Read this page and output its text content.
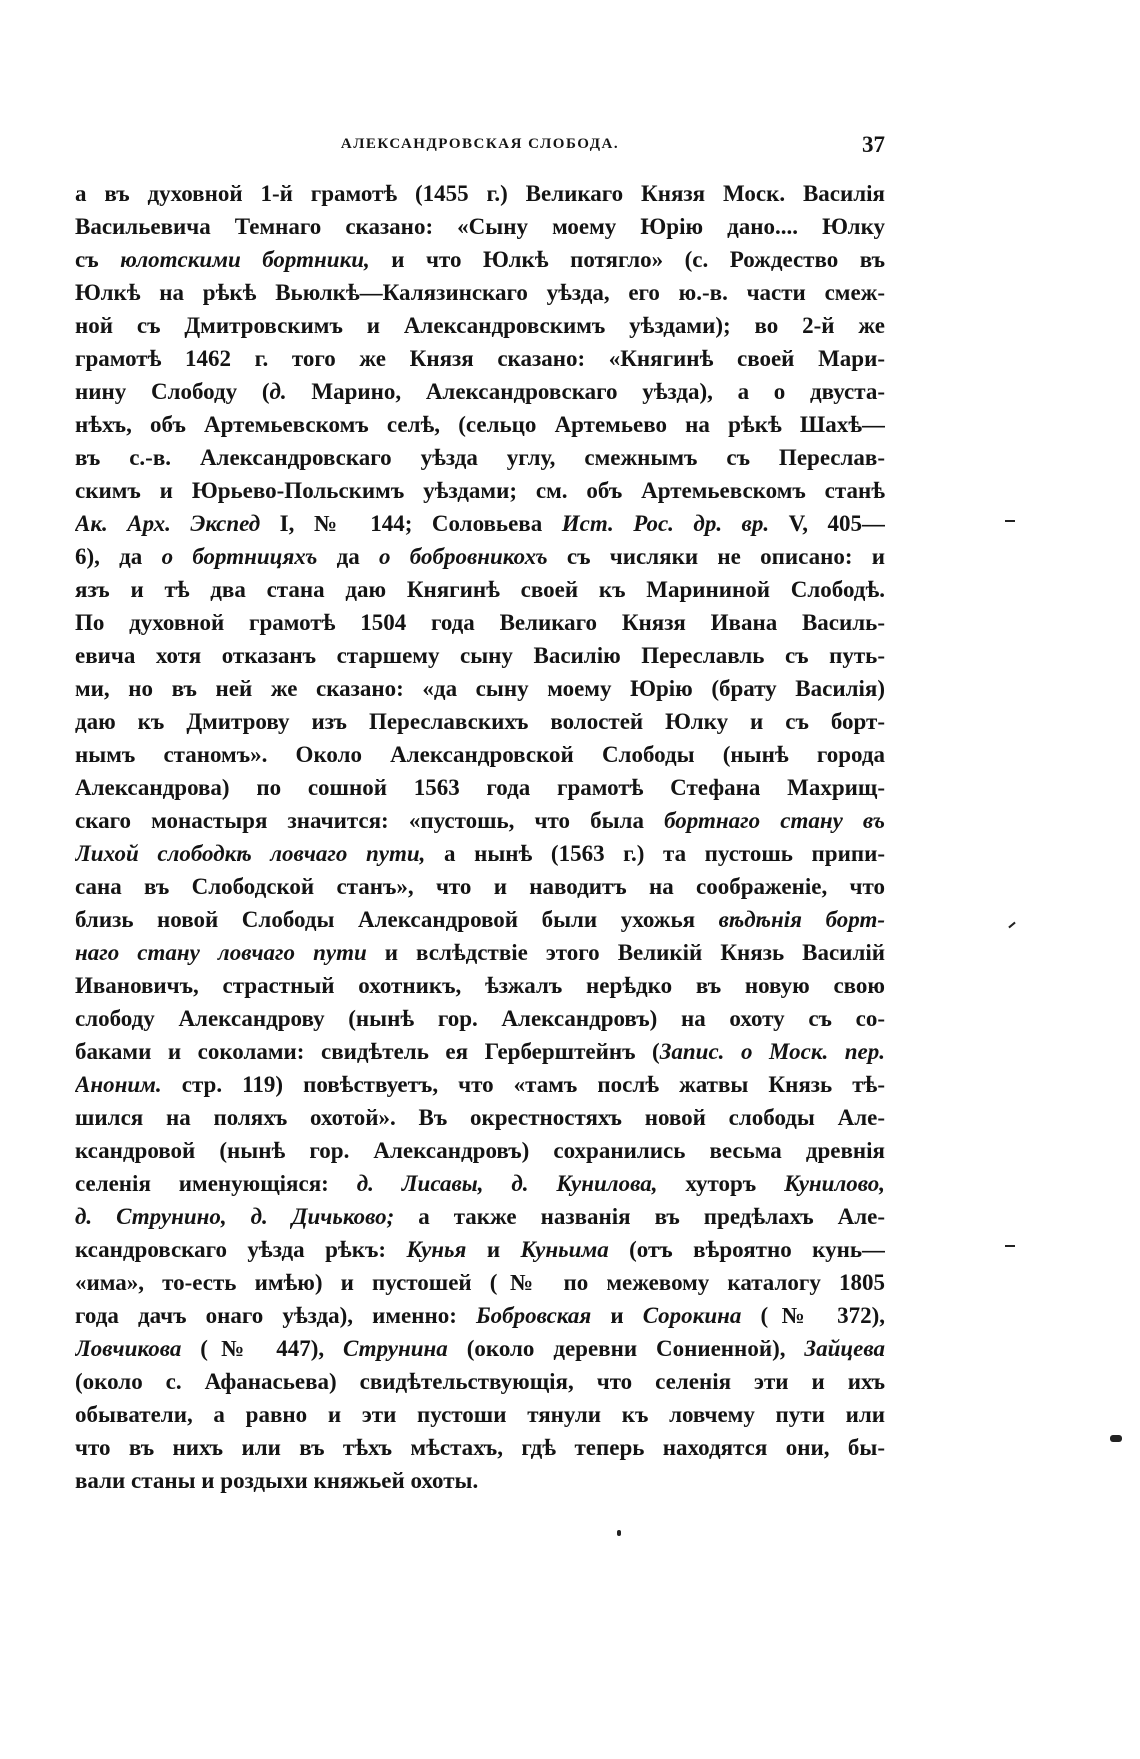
АЛЕКСАНДРОВСКАЯ СЛОБОДА.	37
а въ духовной 1-й грамотѣ (1455 г.) Великаго Князя Моск. Василія
Васильевича Темнаго сказано: «Сыну моему Юрію дано.... Юлку
съ юлотскими бортники, и что Юлкѣ потягло» (с. Рождество въ
Юлкѣ на рѣкѣ Вьюлкѣ—Калязинскаго уѣзда, его ю.-в. части смеж-
ной съ Дмитровскимъ и Александровскимъ уѣздами); во 2-й же
грамотѣ 1462 г. того же Князя сказано: «Княгинѣ своей Мари-
нину Слободу (д. Марино, Александровскаго уѣзда), а о двуста-
нѣхъ, объ Артемьевскомъ селѣ, (сельцо Артемьево на рѣкѣ Шахѣ—
въ с.-в. Александровскаго уѣзда углу, смежнымъ съ Переслав-
скимъ и Юрьево-Польскимъ уѣздами; см. объ Артемьевскомъ станѣ
Ак. Арх. Экспед I, № 144; Соловьева Ист. Рос. др. вр. V, 405—
6), да о бортницяхъ да о бобровникохъ съ числяки не описано: и
язъ и тѣ два стана даю Княгинѣ своей къ Марининой Слободѣ.
По духовной грамотѣ 1504 года Великаго Князя Ивана Василь-
евича хотя отказанъ старшему сыну Василію Переславль съ путь-
ми, но въ ней же сказано: «да сыну моему Юрію (брату Василія)
даю къ Дмитрову изъ Переславскихъ волостей Юлку и съ борт-
нымъ станомъ». Около Александровской Слободы (нынѣ города
Александрова) по сошной 1563 года грамотѣ Стефана Махрищ-
скаго монастыря значится: «пустошь, что была бортнаго стану въ
Лихой слободкѣ ловчаго пути, а нынѣ (1563 г.) та пустошь припи-
сана въ Слободской станъ», что и наводитъ на соображеніе, что
близь новой Слободы Александровой были ухожья вѣдѣнія борт-
наго стану ловчаго пути и вслѣдствіе этого Великій Князь Василій
Ивановичъ, страстный охотникъ, ѣзжалъ нерѣдко въ новую свою
слободу Александрову (нынѣ гор. Александровъ) на охоту съ со-
баками и соколами: свидѣтель ея Герберштейнъ (Запис. о Моск. пер.
Аноним. стр. 119) повѣствуетъ, что «тамъ послѣ жатвы Князь тѣ-
шился на поляхъ охотой». Въ окрестностяхъ новой слободы Але-
ксандровой (нынѣ гор. Александровъ) сохранились весьма древнія
селенія именующіяся: д. Лисавы, д. Кунилова, хуторъ Кунилово,
д. Струнино, д. Дичьково; а также названія въ предѣлахъ Але-
ксандровскаго уѣзда рѣкъ: Кунья и Куньима (отъ вѣроятно кунь—
«има», то-есть имѣю) и пустошей (№ по межевому каталогу 1805
года дачъ онаго уѣзда), именно: Бобровская и Сорокина (№ 372),
Ловчикова (№ 447), Струнина (около деревни Сониенной), Зайцева
(около с. Афанасьева) свидѣтельствующія, что селенія эти и ихъ
обыватели, а равно и эти пустоши тянули къ ловчему пути или
что въ нихъ или въ тѣхъ мѣстахъ, гдѣ теперь находятся они, бы-
вали станы и роздыхи княжьей охоты.
